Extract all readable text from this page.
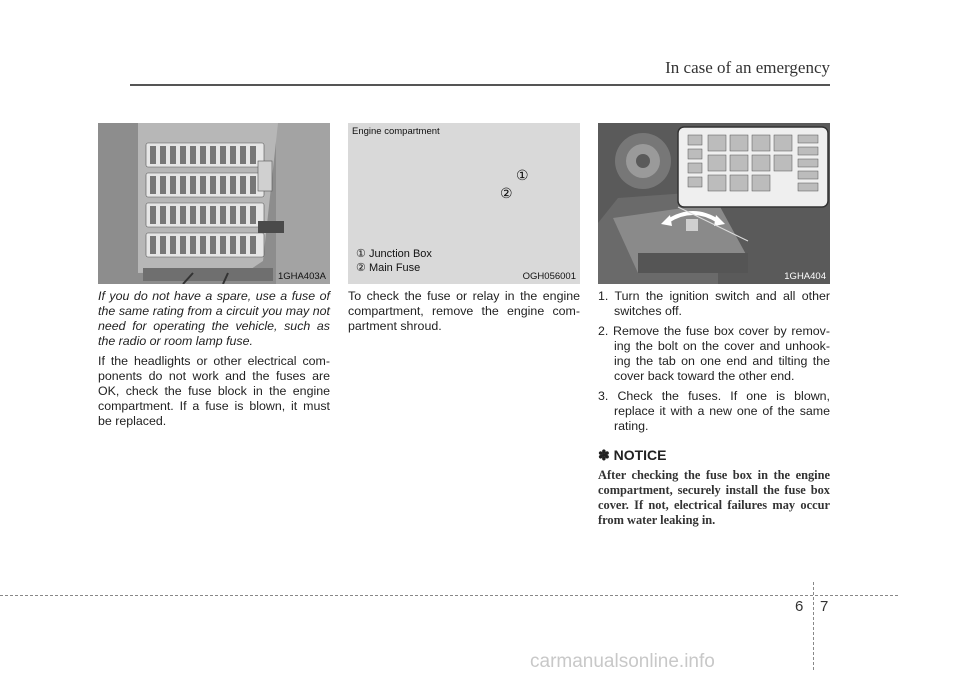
In case of an emergency
1GHA403A

If you do not have a spare, use a fuse of the same rating from a circuit you may not need for operating the vehicle, such as the radio or room lamp fuse.

If the headlights or other electrical com-ponents do not work and the fuses are OK, check the fuse block in the engine compartment. If a fuse is blown, it must be replaced.

Engine compartment
①
②
① Junction Box
② Main Fuse
OGH056001

To check the fuse or relay in the engine compartment, remove the engine com-partment shroud.

1GHA404
1. Turn the ignition switch and all other switches off.
2. Remove the fuse box cover by remov-ing the bolt on the cover and unhook-ing the tab on one end and tilting the cover back toward the other end.
3. Check the fuses. If one is blown, replace it with a new one of the same rating.
✽ NOTICE
After checking the fuse box in the engine compartment, securely install the fuse box cover. If not, electrical failures may occur from water leaking in.
6 7
carmanualsonline.info
